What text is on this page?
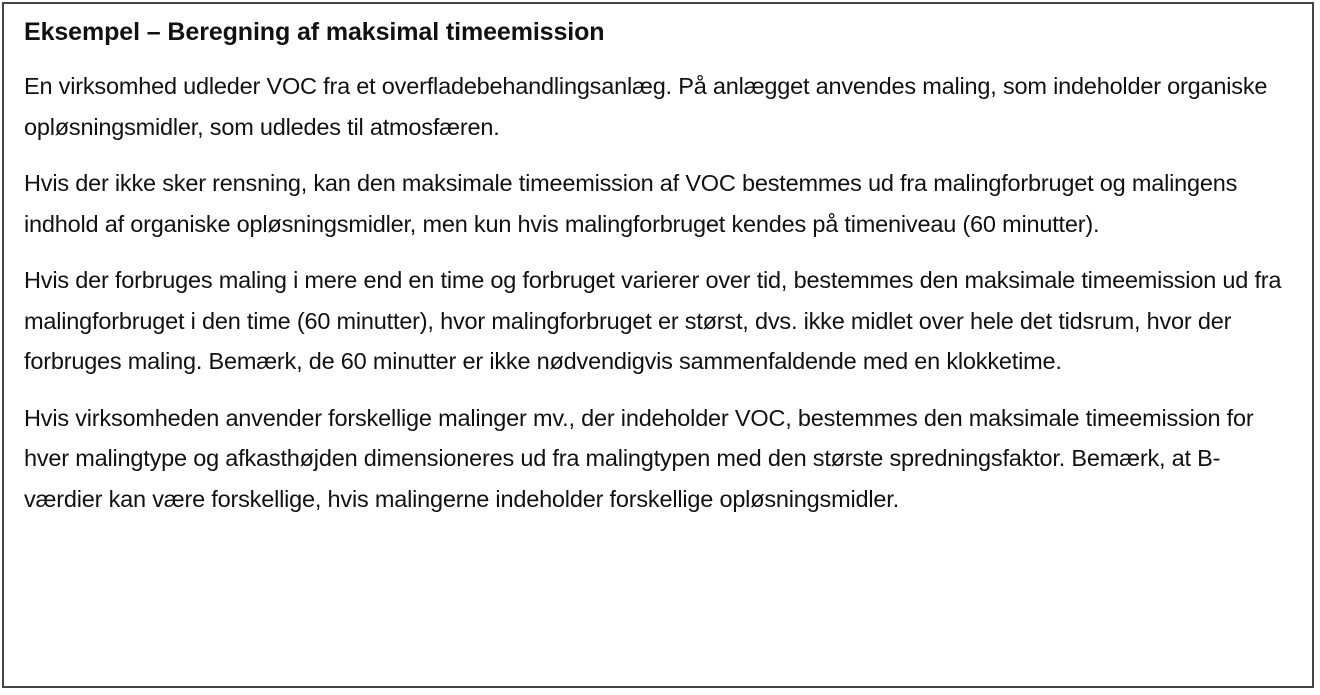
Eksempel – Beregning af maksimal timeemission

En virksomhed udleder VOC fra et overfladebehandlingsanlæg. På anlægget anvendes maling, som indeholder organiske opløsningsmidler, som udledes til atmosfæren.

Hvis der ikke sker rensning, kan den maksimale timeemission af VOC bestemmes ud fra malingforbruget og malingens indhold af organiske opløsningsmidler, men kun hvis malingforbruget kendes på timeniveau (60 minutter).

Hvis der forbruges maling i mere end en time og forbruget varierer over tid, bestemmes den maksimale timeemission ud fra malingforbruget i den time (60 minutter), hvor malingforbruget er størst, dvs. ikke midlet over hele det tidsrum, hvor der forbruges maling. Bemærk, de 60 minutter er ikke nødvendigvis sammenfaldende med en klokketime.

Hvis virksomheden anvender forskellige malinger mv., der indeholder VOC, bestemmes den maksimale timeemission for hver malingtype og afkasthøjden dimensioneres ud fra malingtypen med den største spredningsfaktor. Bemærk, at B-værdier kan være forskellige, hvis malingerne indeholder forskellige opløsningsmidler.
